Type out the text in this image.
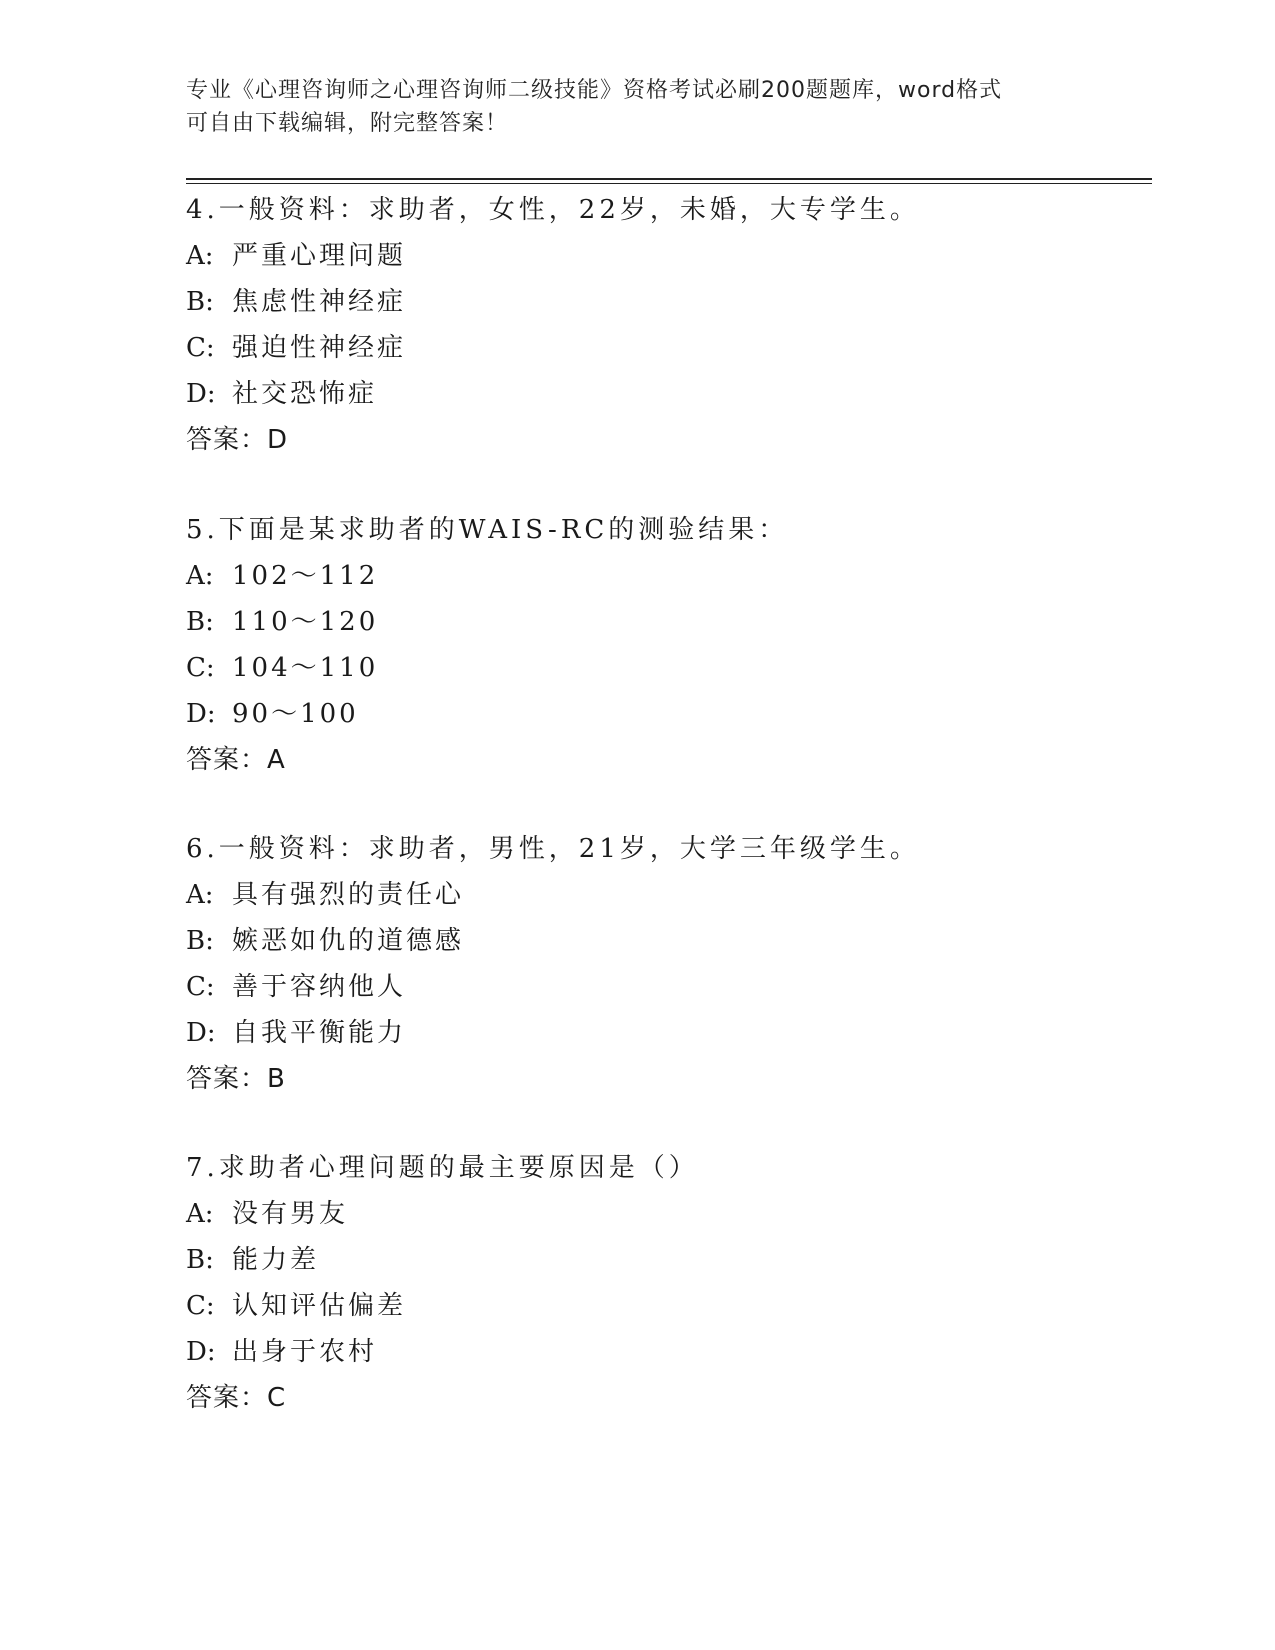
专业《心理咨询师之心理咨询师二级技能》资格考试必刷200题题库，word格式
可自由下载编辑，附完整答案！
4.一般资料：求助者，女性，22岁，未婚，大专学生。
A: 严重心理问题
B: 焦虑性神经症
C: 强迫性神经症
D: 社交恐怖症
答案：D
5.下面是某求助者的WAIS-RC的测验结果：
A: 102～112
B: 110～120
C: 104～110
D: 90～100
答案：A
6.一般资料：求助者，男性，21岁，大学三年级学生。
A: 具有强烈的责任心
B: 嫉恶如仇的道德感
C: 善于容纳他人
D: 自我平衡能力
答案：B
7.求助者心理问题的最主要原因是（）
A: 没有男友
B: 能力差
C: 认知评估偏差
D: 出身于农村
答案：C
